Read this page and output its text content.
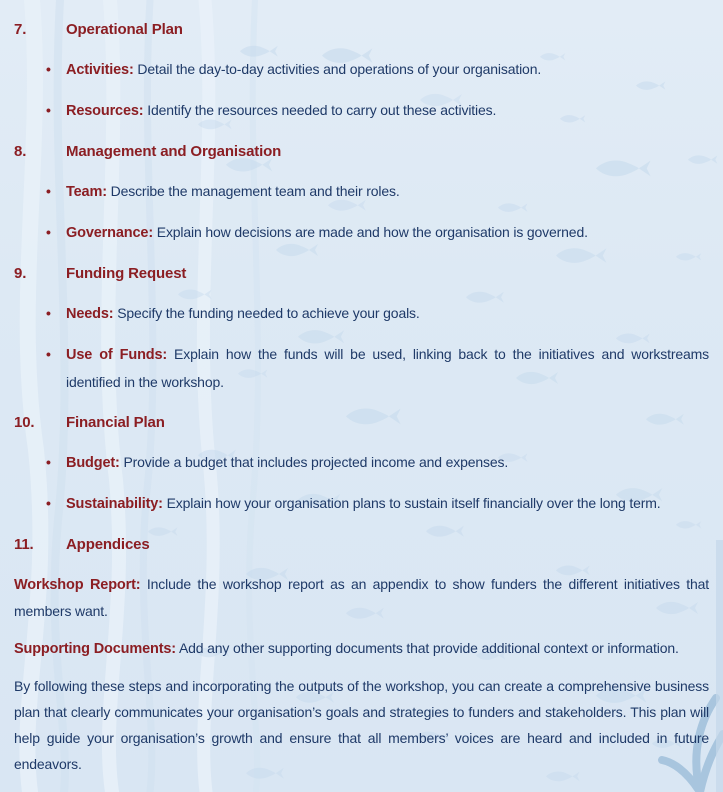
7.	Operational Plan
• Activities: Detail the day-to-day activities and operations of your organisation.
• Resources: Identify the resources needed to carry out these activities.
8.	Management and Organisation
• Team: Describe the management team and their roles.
• Governance: Explain how decisions are made and how the organisation is governed.
9.	Funding Request
• Needs: Specify the funding needed to achieve your goals.
• Use of Funds: Explain how the funds will be used, linking back to the initiatives and workstreams identified in the workshop.
10. Financial Plan
• Budget: Provide a budget that includes projected income and expenses.
• Sustainability: Explain how your organisation plans to sustain itself financially over the long term.
11. Appendices

Workshop Report: Include the workshop report as an appendix to show funders the different initiatives that members want.

Supporting Documents: Add any other supporting documents that provide additional context or information.

By following these steps and incorporating the outputs of the workshop, you can create a comprehensive business plan that clearly communicates your organisation’s goals and strategies to funders and stakeholders. This plan will help guide your organisation’s growth and ensure that all members’ voices are heard and included in future endeavors.
